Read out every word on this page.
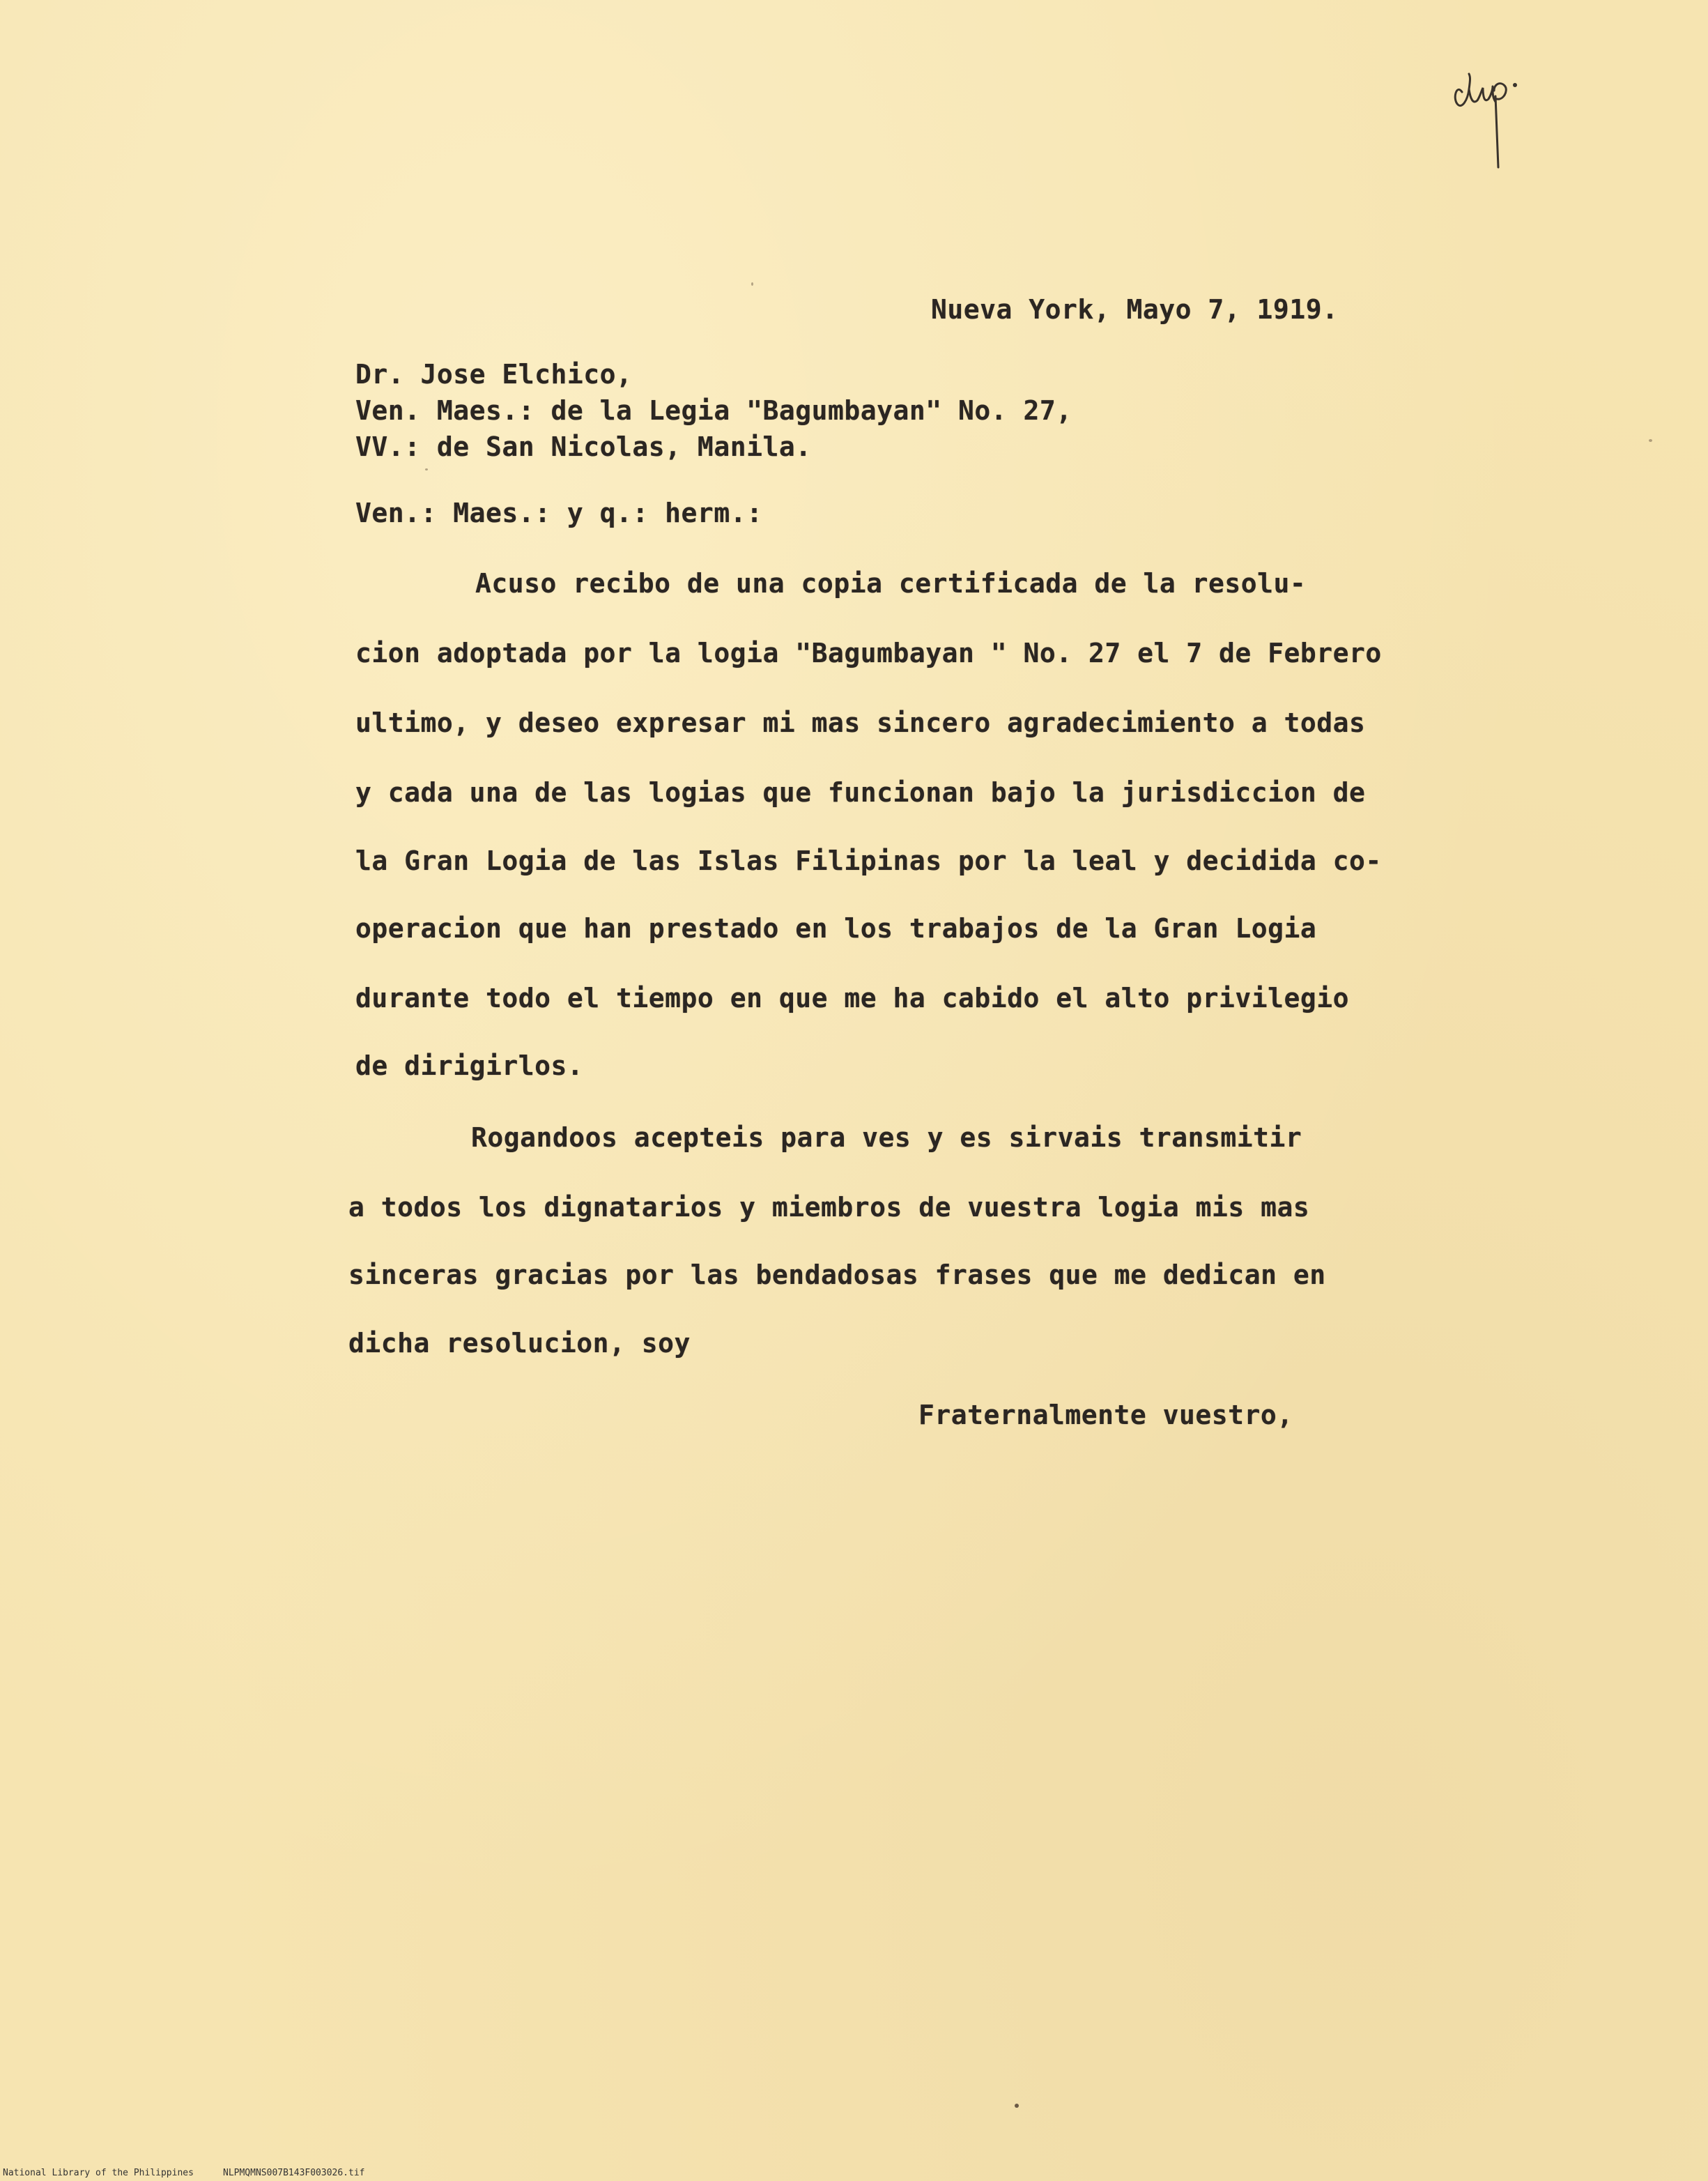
Nueva York, Mayo 7, 1919.
Dr. Jose Elchico,
Ven. Maes.: de la Legia "Bagumbayan" No. 27,
VV.: de San Nicolas, Manila.
Ven.: Maes.: y q.: herm.:
Acuso recibo de una copia certificada de la resolu-
cion adoptada por la logia "Bagumbayan " No. 27 el 7 de Febrero
ultimo, y deseo expresar mi mas sincero agradecimiento a todas
y cada una de las logias que funcionan bajo la jurisdiccion de
la Gran Logia de las Islas Filipinas por la leal y decidida co-
operacion que han prestado en los trabajos de la Gran Logia
durante todo el tiempo en que me ha cabido el alto privilegio
de dirigirlos.
Rogandoos acepteis para ves y es sirvais transmitir
a todos los dignatarios y miembros de vuestra logia mis mas
sinceras gracias por las bendadosas frases que me dedican en
dicha resolucion, soy
Fraternalmente vuestro,
National Library of the Philippines	NLPMQMNS007B143F003026.tif
